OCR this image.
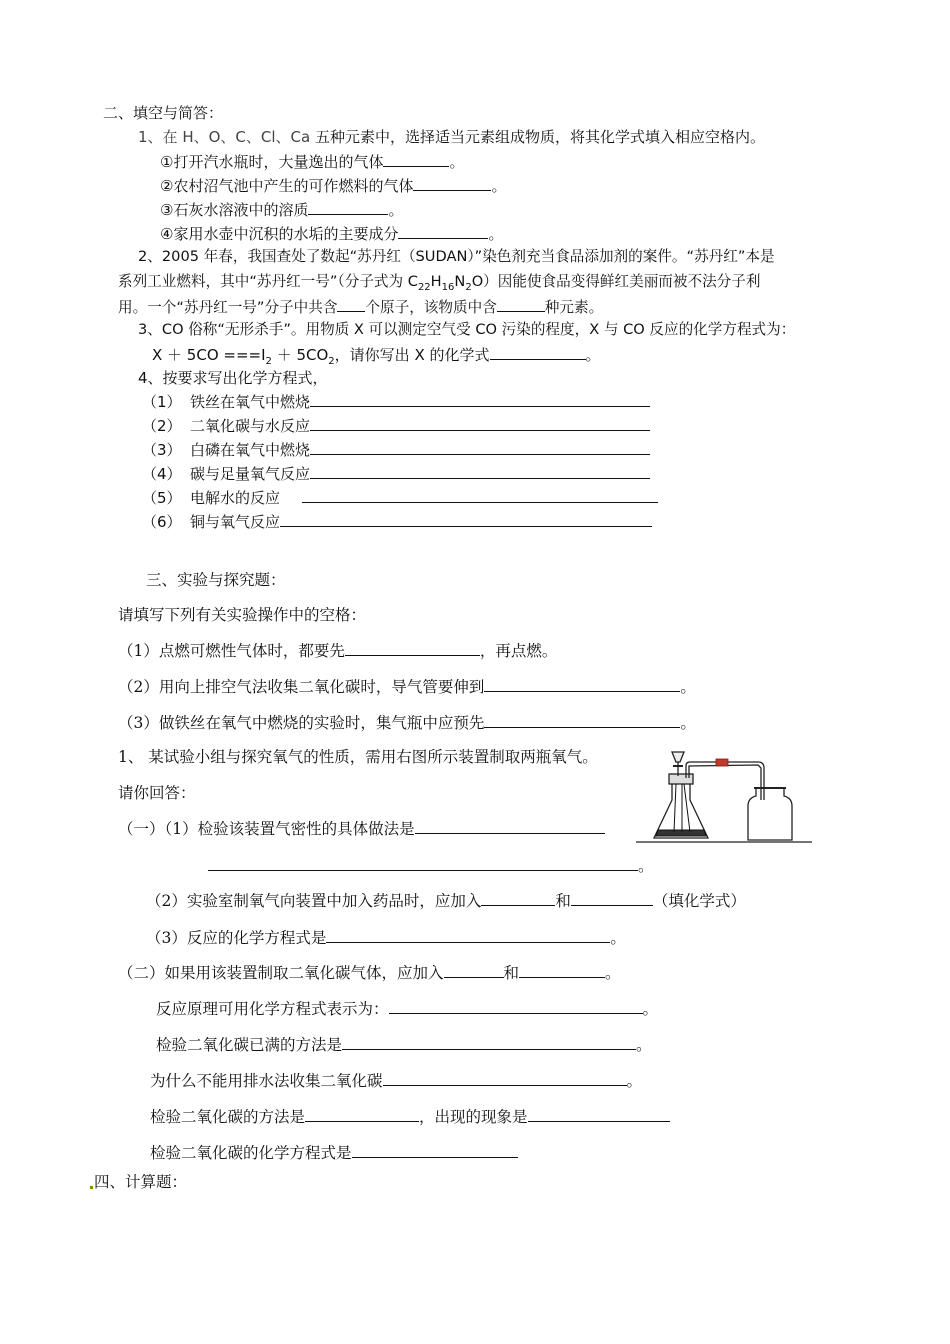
二、填空与简答：
1、在 H、O、C、Cl、Ca 五种元素中，选择适当元素组成物质，将其化学式填入相应空格内。
①打开汽水瓶时，大量逸出的气体	。
②农村沼气池中产生的可作燃料的气体	。
③石灰水溶液中的溶质	。
④家用水壶中沉积的水垢的主要成分	。
2、2005 年春，我国查处了数起“苏丹红（SUDAN）”染色剂充当食品添加剂的案件。“苏丹红”本是
系列工业燃料，其中“苏丹红一号”（分子式为 $C_{22}H_{16}N_2O$）因能使食品变得鲜红美丽而被不法分子利
用。一个“苏丹红一号”分子中共含 个原子，该物质中含	种元素。
3、CO 俗称“无形杀手”。用物质 X 可以测定空气受 CO 污染的程度，X 与 CO 反应的化学方程式为：
$X + 5CO ===I_2 + 5CO_2$，请你写出 X 的化学式	。
4、按要求写出化学方程式，
（1） 铁丝在氧气中燃烧
（2） 二氧化碳与水反应
（3） 白磷在氧气中燃烧
（4） 碳与足量氧气反应
（5） 电解水的反应
（6） 铜与氧气反应
三、实验与探究题：
请填写下列有关实验操作中的空格：
（1）点燃可燃性气体时，都要先	，再点燃。
（2）用向上排空气法收集二氧化碳时，导气管要伸到	。
（3）做铁丝在氧气中燃烧的实验时，集气瓶中应预先	。
1、 某试验小组与探究氧气的性质，需用右图所示装置制取两瓶氧气。
请你回答：
（一）（1）检验该装置气密性的具体做法是
。
（2）实验室制氧气向装置中加入药品时，应加入	和	（填化学式）
（3）反应的化学方程式是	。
（二）如果用该装置制取二氧化碳气体，应加入	和	。
反应原理可用化学方程式表示为：	。
检验二氧化碳已满的方法是	。
为什么不能用排水法收集二氧化碳	。
检验二氧化碳的方法是	，出现的现象是
检验二氧化碳的化学方程式是
四、计算题：
